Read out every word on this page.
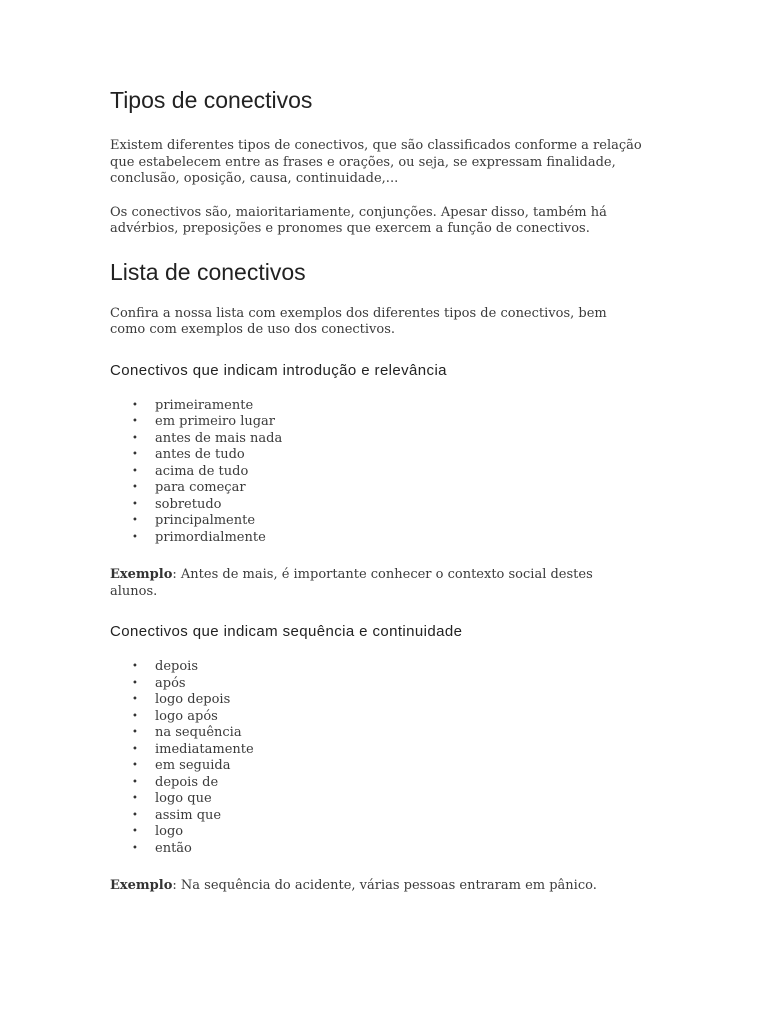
Tipos de conectivos

Existem diferentes tipos de conectivos, que são classificados conforme a relação
que estabelecem entre as frases e orações, ou seja, se expressam finalidade,
conclusão, oposição, causa, continuidade,...

Os conectivos são, maioritariamente, conjunções. Apesar disso, também há
advérbios, preposições e pronomes que exercem a função de conectivos.

Lista de conectivos

Confira a nossa lista com exemplos dos diferentes tipos de conectivos, bem
como com exemplos de uso dos conectivos.

Conectivos que indicam introdução e relevância
• primeiramente
• em primeiro lugar
• antes de mais nada
• antes de tudo
• acima de tudo
• para começar
• sobretudo
• principalmente
• primordialmente

Exemplo: Antes de mais, é importante conhecer o contexto social destes
alunos.

Conectivos que indicam sequência e continuidade
• depois
• após
• logo depois
• logo após
• na sequência
• imediatamente
• em seguida
• depois de
• logo que
• assim que
• logo
• então

Exemplo: Na sequência do acidente, várias pessoas entraram em pânico.
